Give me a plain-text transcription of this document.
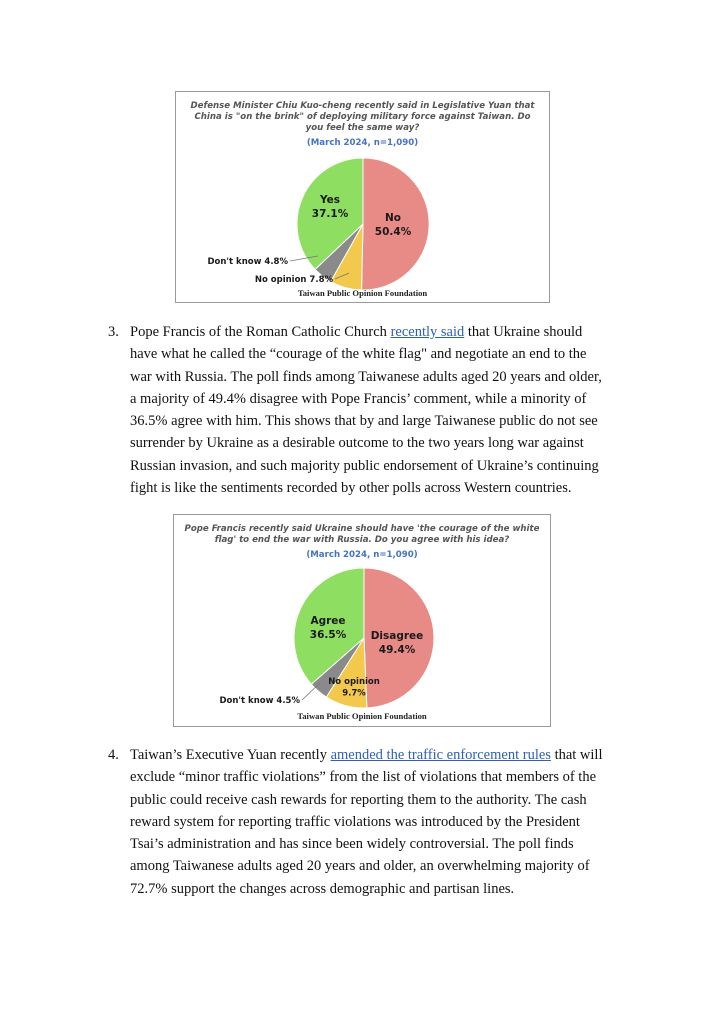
Defense Minister Chiu Kuo-cheng recently said in Legislative Yuan that China is "on the brink" of deploying military force against Taiwan. Do you feel the same way?
(March 2024, n=1,090)
No 50.4%
No opinion 7.8%
Don't know 4.8%
Yes 37.1%
Taiwan Public Opinion Foundation
3. Pope Francis of the Roman Catholic Church recently said that Ukraine should
have what he called the “courage of the white flag" and negotiate an end to the
war with Russia. The poll finds among Taiwanese adults aged 20 years and older,
a majority of 49.4% disagree with Pope Francis’ comment, while a minority of
36.5% agree with him. This shows that by and large Taiwanese public do not see
surrender by Ukraine as a desirable outcome to the two years long war against
Russian invasion, and such majority public endorsement of Ukraine’s continuing
fight is like the sentiments recorded by other polls across Western countries.
Pope Francis recently said Ukraine should have 'the courage of the white flag' to end the war with Russia. Do you agree with his idea?
(March 2024, n=1,090)
Disagree 49.4%
No opinion 9.7%
Don't know 4.5%
Agree 36.5%
Taiwan Public Opinion Foundation
4. Taiwan’s Executive Yuan recently amended the traffic enforcement rules that will
exclude “minor traffic violations” from the list of violations that members of the
public could receive cash rewards for reporting them to the authority. The cash
reward system for reporting traffic violations was introduced by the President
Tsai’s administration and has since been widely controversial. The poll finds
among Taiwanese adults aged 20 years and older, an overwhelming majority of
72.7% support the changes across demographic and partisan lines.
